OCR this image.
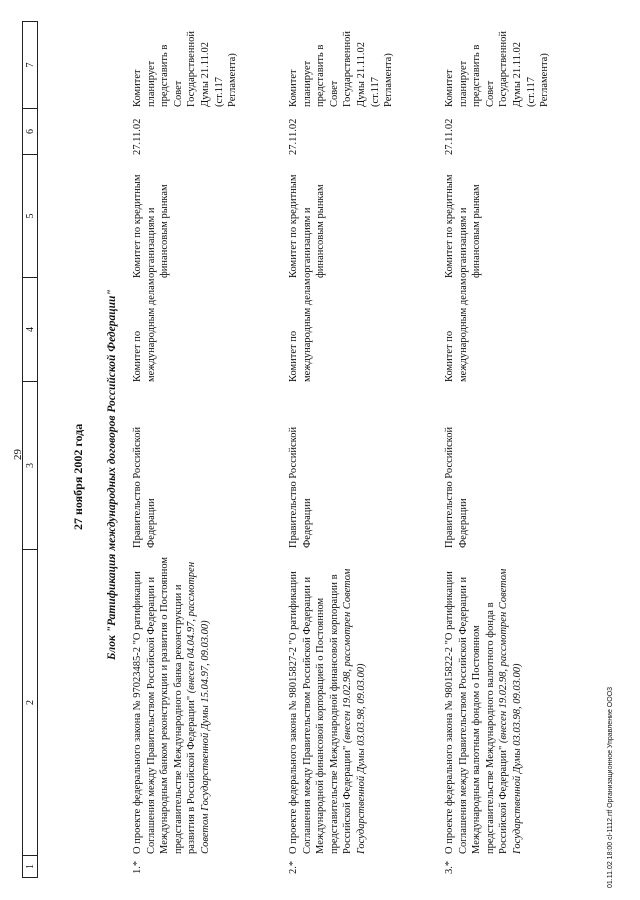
29
1
2
3
4
5
6
7
27 ноября 2002 года Блок "Ратификация международных договоров Российской Федерации"
1.*
О проекте федерального закона № 97023485-2 "О ратификации Соглашения между Правительством Российской Федерации и Международным банком реконструкции и развития о Постоянном представительстве Международного банка реконструкции и развития в Российской Федерации" (внесен 04.04.97, рассмотрен Советом Государственной Думы 15.04.97, 09.03.00)
Правительство Российской Федерации
Комитет по международным делам
Комитет по кредитным организациям и финансовым рынкам
27.11.02
Комитет планирует представить в Совет Государственной Думы 21.11.02 (ст.117 Регламента)
2.*
О проекте федерального закона № 98015827-2 "О ратификации Соглашения между Правительством Российской Федерации и Международной финансовой корпорацией о Постоянном представительстве Международной финансовой корпорации в Российской Федерации" (внесен 19.02.98, рассмотрен Советом Государственной Думы 03.03.98, 09.03.00)
Правительство Российской Федерации
Комитет по международным делам
Комитет по кредитным организациям и финансовым рынкам
27.11.02
Комитет планирует представить в Совет Государственной Думы 21.11.02 (ст.117 Регламента)
3.*
О проекте федерального закона № 98015822-2 "О ратификации Соглашения между Правительством Российской Федерации и Международным валютным фондом о Постоянном представительстве Международного валютного фонда в Российской Федерации" (внесен 19.02.98, рассмотрен Советом Государственной Думы 03.03.98, 09.03.00)
Правительство Российской Федерации
Комитет по международным делам
Комитет по кредитным организациям и финансовым рынкам
27.11.02
Комитет планирует представить в Совет Государственной Думы 21.11.02 (ст.117 Регламента)
01.11.02 18:00 сl-1112.rtf Организационное Управление ООО3
